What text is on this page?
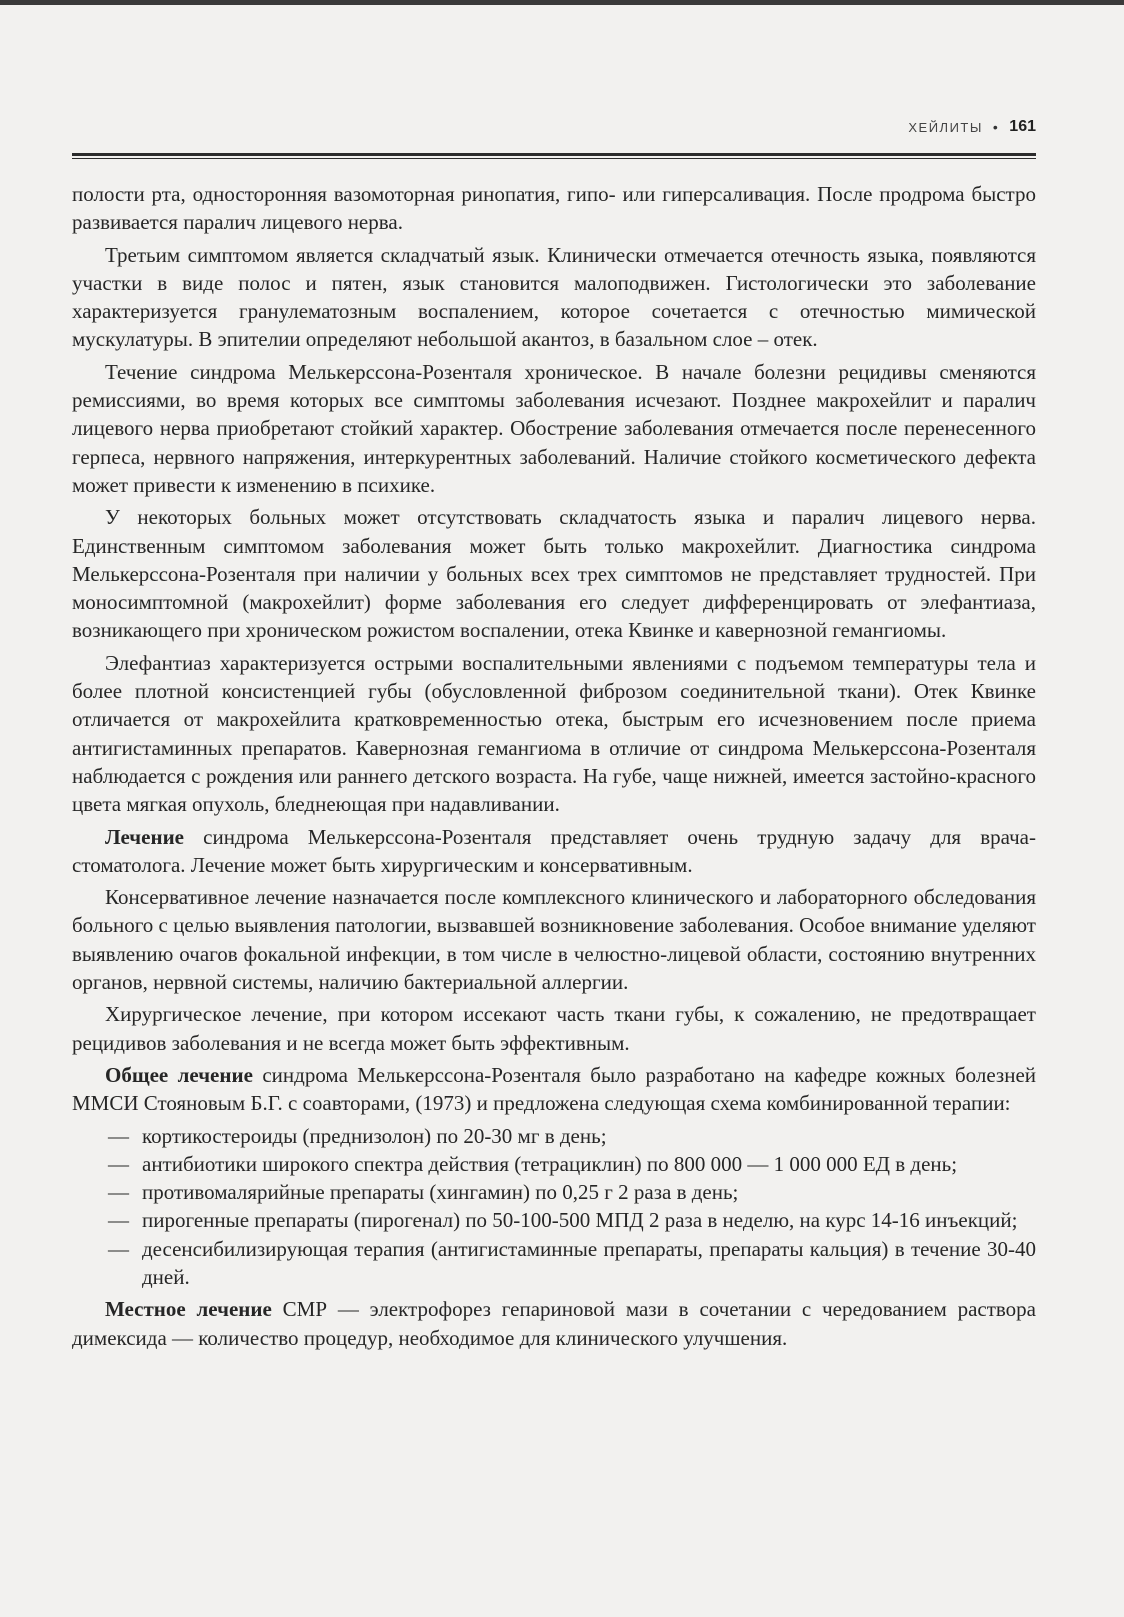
ХЕЙЛИТЫ • 161

полости рта, односторонняя вазомоторная ринопатия, гипо- или гиперсаливация. После продрома быстро развивается паралич лицевого нерва.

Третьим симптомом является складчатый язык. Клинически отмечается отечность языка, появляются участки в виде полос и пятен, язык становится малоподвижен. Гистологически это заболевание характеризуется гранулематозным воспалением, которое сочетается с отечностью мимической мускулатуры. В эпителии определяют небольшой акантоз, в базальном слое – отек.

Течение синдрома Мелькерссона-Розенталя хроническое. В начале болезни рецидивы сменяются ремиссиями, во время которых все симптомы заболевания исчезают. Позднее макрохейлит и паралич лицевого нерва приобретают стойкий характер. Обострение заболевания отмечается после перенесенного герпеса, нервного напряжения, интеркурентных заболеваний. Наличие стойкого косметического дефекта может привести к изменению в психике.

У некоторых больных может отсутствовать складчатость языка и паралич лицевого нерва. Единственным симптомом заболевания может быть только макрохейлит. Диагностика синдрома Мелькерссона-Розенталя при наличии у больных всех трех симптомов не представляет трудностей. При моносимптомной (макрохейлит) форме заболевания его следует дифференцировать от элефантиаза, возникающего при хроническом рожистом воспалении, отека Квинке и кавернозной гемангиомы.

Элефантиаз характеризуется острыми воспалительными явлениями с подъемом температуры тела и более плотной консистенцией губы (обусловленной фиброзом соединительной ткани). Отек Квинке отличается от макрохейлита кратковременностью отека, быстрым его исчезновением после приема антигистаминных препаратов. Кавернозная гемангиома в отличие от синдрома Мелькерссона-Розенталя наблюдается с рождения или раннего детского возраста. На губе, чаще нижней, имеется застойно-красного цвета мягкая опухоль, бледнеющая при надавливании.

Лечение синдрома Мелькерссона-Розенталя представляет очень трудную задачу для врача-стоматолога. Лечение может быть хирургическим и консервативным.

Консервативное лечение назначается после комплексного клинического и лабораторного обследования больного с целью выявления патологии, вызвавшей возникновение заболевания. Особое внимание уделяют выявлению очагов фокальной инфекции, в том числе в челюстно-лицевой области, состоянию внутренних органов, нервной системы, наличию бактериальной аллергии.

Хирургическое лечение, при котором иссекают часть ткани губы, к сожалению, не предотвращает рецидивов заболевания и не всегда может быть эффективным.

Общее лечение синдрома Мелькерссона-Розенталя было разработано на кафедре кожных болезней ММСИ Стояновым Б.Г. с соавторами, (1973) и предложена следующая схема комбинированной терапии:

— кортикостероиды (преднизолон) по 20-30 мг в день;
— антибиотики широкого спектра действия (тетрациклин) по 800 000 — 1 000 000 ЕД в день;
— противомалярийные препараты (хингамин) по 0,25 г 2 раза в день;
— пирогенные препараты (пирогенал) по 50-100-500 МПД 2 раза в неделю, на курс 14-16 инъекций;
— десенсибилизирующая терапия (антигистаминные препараты, препараты кальция) в течение 30-40 дней.

Местное лечение СМР — электрофорез гепариновой мази в сочетании с чередованием раствора димексида — количество процедур, необходимое для клинического улучшения.
